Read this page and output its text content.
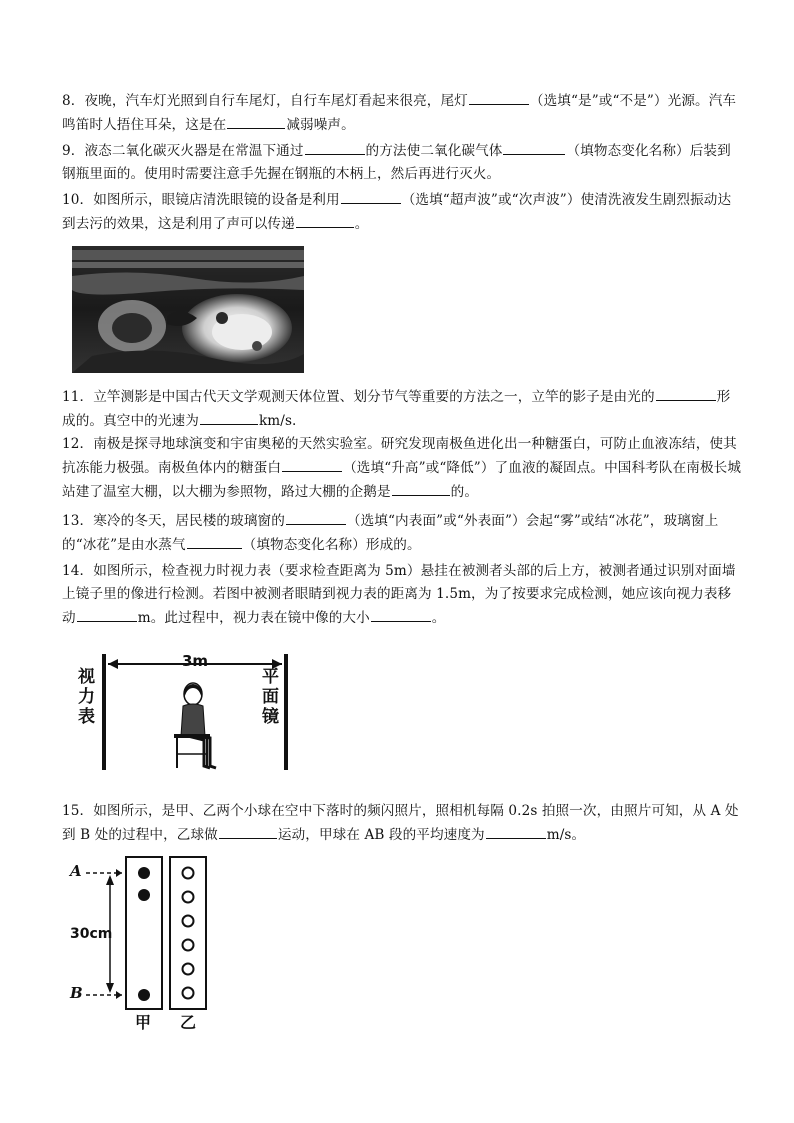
8．夜晚，汽车灯光照到自行车尾灯，自行车尾灯看起来很亮，尾灯	（选填“是”或“不是”）光源。汽车鸣笛时人捂住耳朵，这是在	减弱噪声。
9．液态二氧化碳灭火器是在常温下通过	的方法使二氧化碳气体	（填物态变化名称）后装到钢瓶里面的。使用时需要注意手先握在钢瓶的木柄上，然后再进行灭火。
10．如图所示，眼镜店清洗眼镜的设备是利用	（选填“超声波”或“次声波”）使清洗液发生剧烈振动达到去污的效果，这是利用了声可以传递	。
11．立竿测影是中国古代天文学观测天体位置、划分节气等重要的方法之一，立竿的影子是由光的	形成的。真空中的光速为	km/s.
12．南极是探寻地球演变和宇宙奥秘的天然实验室。研究发现南极鱼进化出一种糖蛋白，可防止血液冻结，使其抗冻能力极强。南极鱼体内的糖蛋白	（选填“升高”或“降低”）了血液的凝固点。中国科考队在南极长城站建了温室大棚，以大棚为参照物，路过大棚的企鹅是	的。
13．寒冷的冬天，居民楼的玻璃窗的	（选填“内表面”或“外表面”）会起“雾”或结“冰花”，玻璃窗上的“冰花”是由水蒸气	（填物态变化名称）形成的。
14．如图所示，检查视力时视力表（要求检查距离为 5m）悬挂在被测者头部的后上方，被测者通过识别对面墙上镜子里的像进行检测。若图中被测者眼睛到视力表的距离为 1.5m，为了按要求完成检测，她应该向视力表移动	m。此过程中，视力表在镜中像的大小	。
3m
视力表
平面镜
15．如图所示，是甲、乙两个小球在空中下落时的频闪照片，照相机每隔 0.2s 拍照一次，由照片可知，从 A 处到 B 处的过程中，乙球做	运动，甲球在 AB 段的平均速度为	m/s。
A
B
30cm
甲 乙
